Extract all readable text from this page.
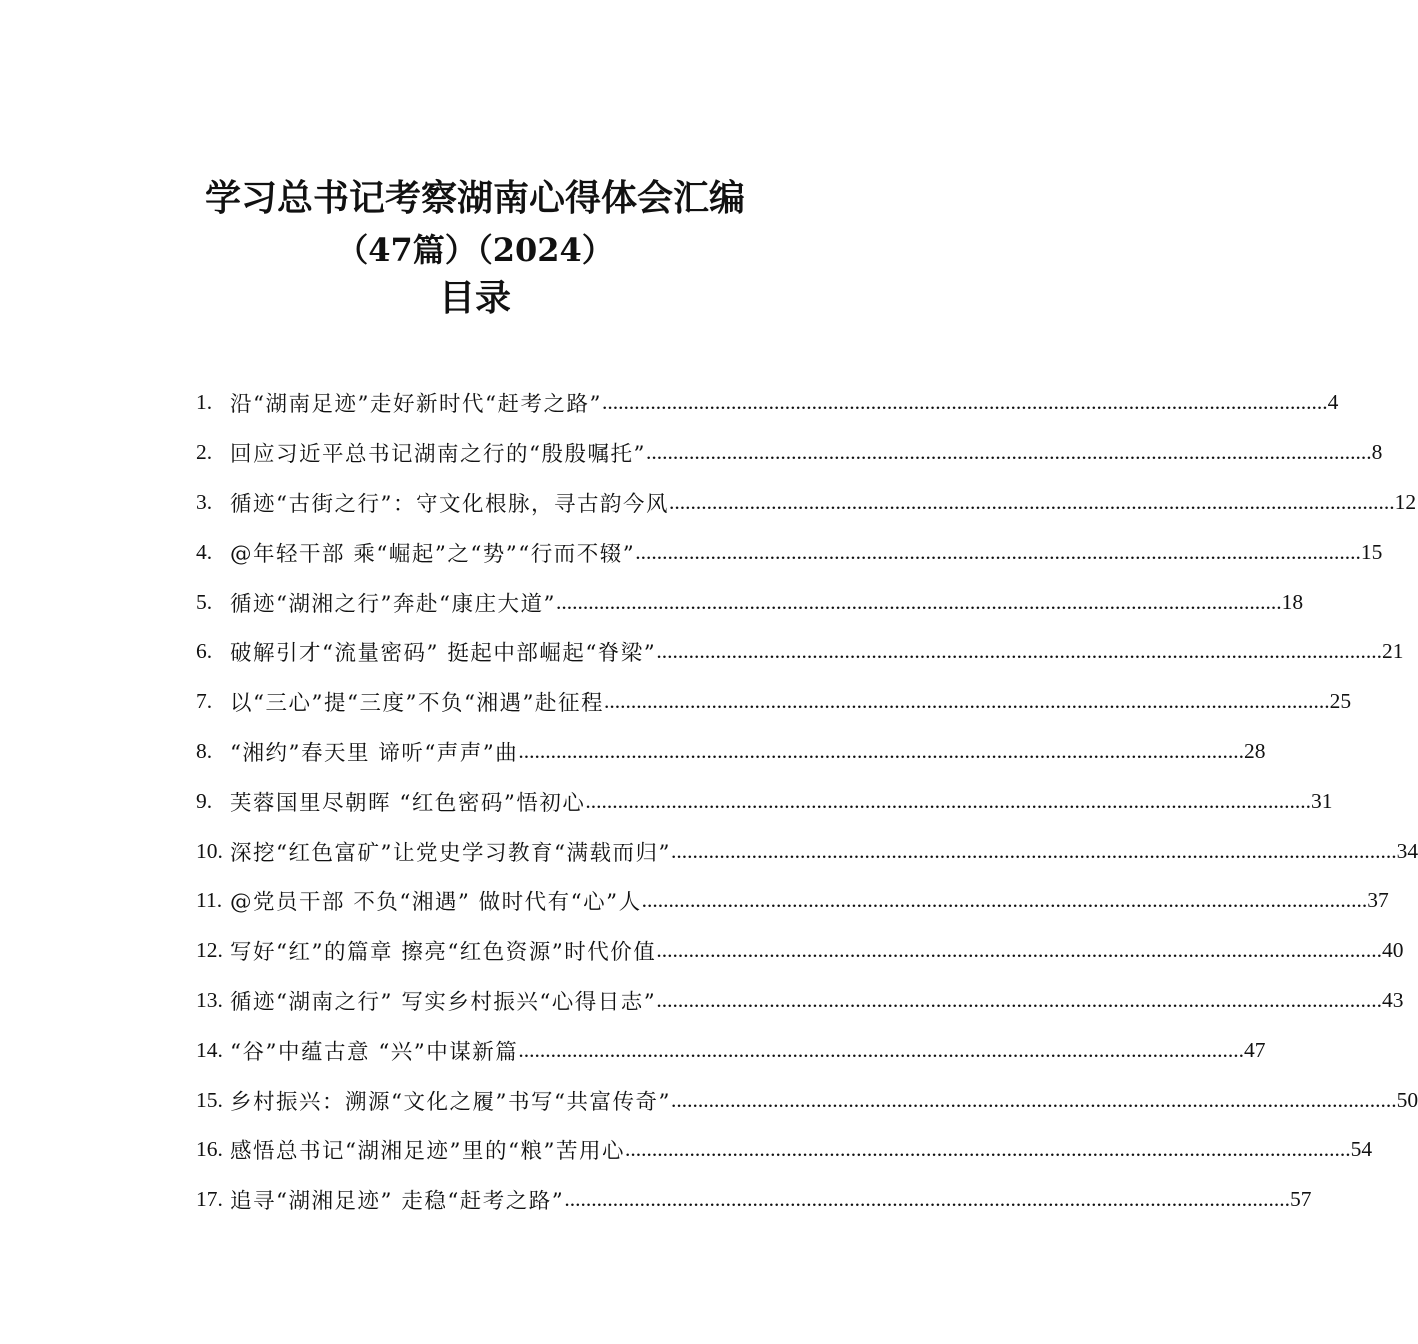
学习总书记考察湖南心得体会汇编
（47篇）（2024）
目录
1. 沿“湖南足迹”走好新时代“赶考之路” .....	4
2. 回应习近平总书记湖南之行的“殷殷嘱托” .....	8
3. 循迹“古街之行”：守文化根脉，寻古韵今风 .....	12
4. @年轻干部 乘“崛起”之“势”“行而不辍” .....	15
5. 循迹“湖湘之行”奔赴“康庄大道” .....	18
6. 破解引才“流量密码” 挺起中部崛起“脊梁” .....	21
7. 以“三心”提“三度”不负“湘遇”赴征程 .....	25
8. “湘约”春天里 谛听“声声”曲 .....	28
9. 芙蓉国里尽朝晖 “红色密码”悟初心 .....	31
10. 深挖“红色富矿”让党史学习教育“满载而归” .....	34
11. @党员干部 不负“湘遇” 做时代有“心”人 .....	37
12. 写好“红”的篇章 擦亮“红色资源”时代价值 .....	40
13. 循迹“湖南之行” 写实乡村振兴“心得日志” .....	43
14. “谷”中蕴古意 “兴”中谋新篇 .....	47
15. 乡村振兴：溯源“文化之履”书写“共富传奇” .....	50
16. 感悟总书记“湖湘足迹”里的“粮”苦用心 .....	54
17. 追寻“湖湘足迹” 走稳“赶考之路” .....	57
